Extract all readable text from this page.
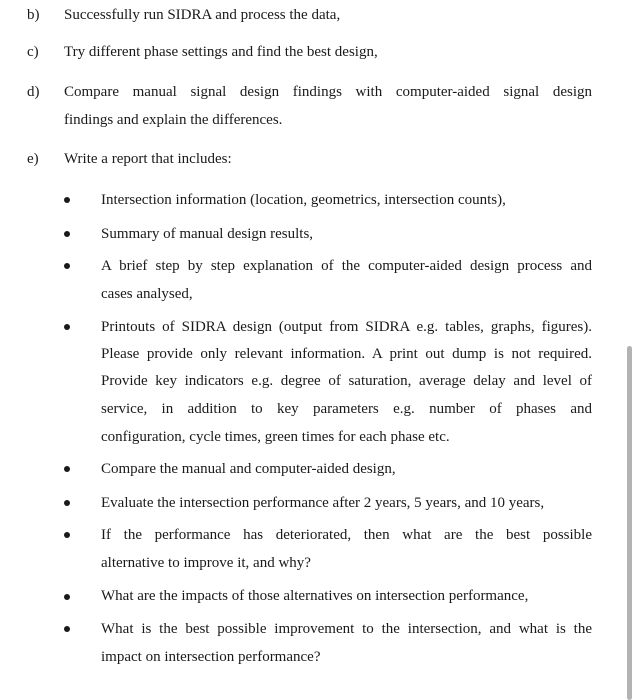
b) Successfully run SIDRA and process the data,
c) Try different phase settings and find the best design,
d) Compare manual signal design findings with computer-aided signal design
findings and explain the differences.
e) Write a report that includes:
Intersection information (location, geometrics, intersection counts),
Summary of manual design results,
A brief step by step explanation of the computer-aided design process and
cases analysed,
Printouts of SIDRA design (output from SIDRA e.g. tables, graphs, figures).
Please provide only relevant information. A print out dump is not required.
Provide key indicators e.g. degree of saturation, average delay and level of
service, in addition to key parameters e.g. number of phases and
configuration, cycle times, green times for each phase etc.
Compare the manual and computer-aided design,
Evaluate the intersection performance after 2 years, 5 years, and 10 years,
If the performance has deteriorated, then what are the best possible
alternative to improve it, and why?
What are the impacts of those alternatives on intersection performance,
What is the best possible improvement to the intersection, and what is the
impact on intersection performance?
